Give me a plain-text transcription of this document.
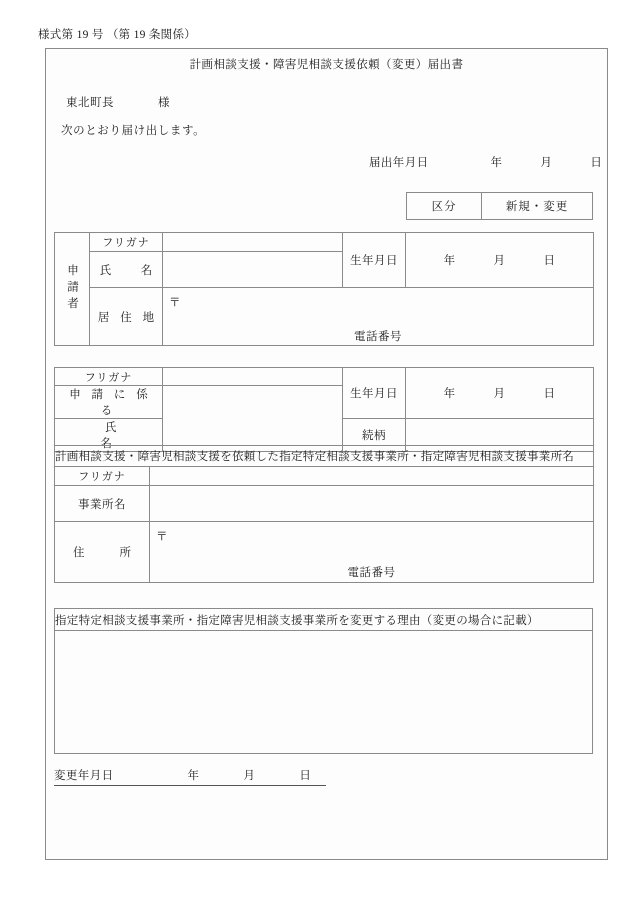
様式第 19 号 （第 19 条関係）
計画相談支援・障害児相談支援依頼（変更）届出書
東北町長	様
次のとおり届け出します。
届出年月日	年	月	日
区分	新規・変更
申請者	フリガナ		生年月日	年 月 日	
	氏　名				
	居 住 地	〒
電話番号			

フリガナ		生年月日	年 月 日
申 請 に 係 る			
氏　　　　名		続柄	
計画相談支援・障害児相談支援を依頼した指定特定相談支援事業所・指定障害児相談支援事業所名	
フリガナ	
事業所名	
住　　所	〒
電話番号
指定特定相談支援事業所・指定障害児相談支援事業所を変更する理由（変更の場合に記載）

変更年月日	年	月	日
